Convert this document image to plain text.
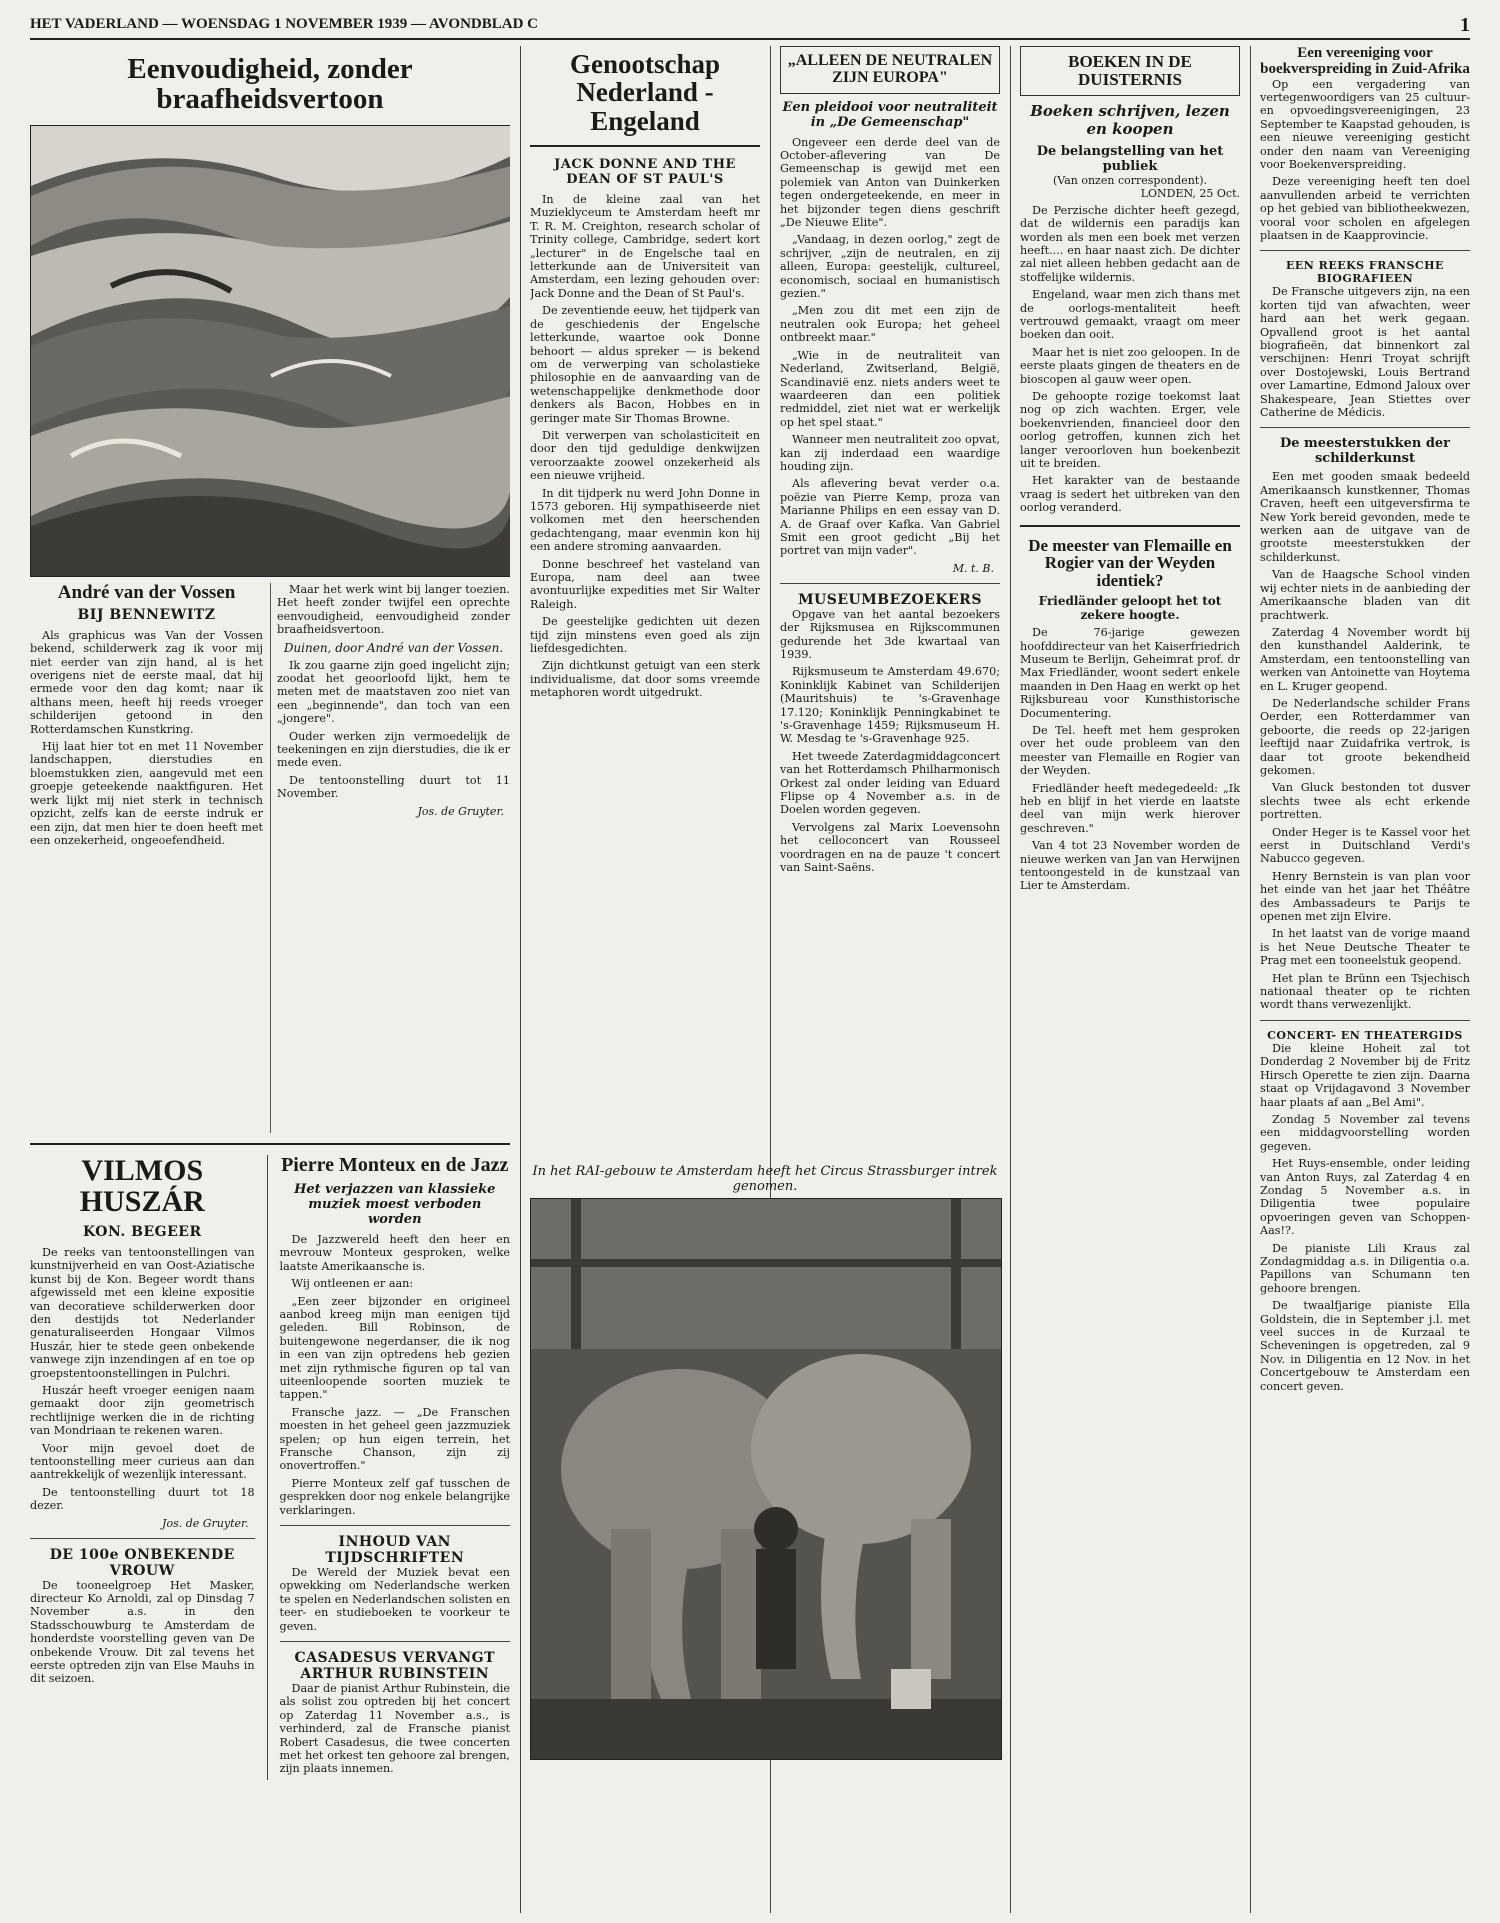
HET VADERLAND — WOENSDAG 1 NOVEMBER 1939 — AVONDBLAD C	1
Eenvoudigheid, zonder braafheidsvertoon
André van der Vossen
BIJ BENNEWITZ

Als graphicus was Van der Vossen bekend, schilderwerk zag ik voor mij niet eerder van zijn hand, al is het overigens niet de eerste maal, dat hij ermede voor den dag komt; naar ik althans meen, heeft hij reeds vroeger schilderijen getoond in den Rotterdamschen Kunstkring.

Hij laat hier tot en met 11 November landschappen, dierstudies en bloemstukken zien, aangevuld met een groepje geteekende naaktfiguren. Het werk lijkt mij niet sterk in technisch opzicht, zelfs kan de eerste indruk er een zijn, dat men hier te doen heeft met een onzekerheid, ongeoefendheid.

Maar het werk wint bij langer toezien. Het heeft zonder twijfel een oprechte eenvoudigheid, eenvoudigheid zonder braafheidsvertoon.

Duinen, door André van der Vossen.

Ik zou gaarne zijn goed ingelicht zijn; zoodat het geoorloofd lijkt, hem te meten met de maatstaven zoo niet van een „beginnende", dan toch van een „jongere".

Ouder werken zijn vermoedelijk de teekeningen en zijn dierstudies, die ik er mede even.

De tentoonstelling duurt tot 11 November.

Jos. de Gruyter.
VILMOS HUSZÁR
KON. BEGEER

De reeks van tentoonstellingen van kunstnijverheid en van Oost-Aziatische kunst bij de Kon. Begeer wordt thans afgewisseld met een kleine expositie van decoratieve schilderwerken door den destijds tot Nederlander genaturaliseerden Hongaar Vilmos Huszár, hier te stede geen onbekende vanwege zijn inzendingen af en toe op groepstentoonstellingen in Pulchri.

Huszár heeft vroeger eenigen naam gemaakt door zijn geometrisch rechtlijnige werken die in de richting van Mondriaan te rekenen waren.

Voor mijn gevoel doet de tentoonstelling meer curieus aan dan aantrekkelijk of wezenlijk interessant.

De tentoonstelling duurt tot 18 dezer.

Jos. de Gruyter.
DE 100e ONBEKENDE VROUW

De tooneelgroep Het Masker, directeur Ko Arnoldi, zal op Dinsdag 7 November a.s. in den Stadsschouwburg te Amsterdam de honderdste voorstelling geven van De onbekende Vrouw. Dit zal tevens het eerste optreden zijn van Else Mauhs in dit seizoen.

Pierre Monteux en de Jazz
Het verjazzen van klassieke muziek moest verboden worden

De Jazzwereld heeft den heer en mevrouw Monteux gesproken, welke laatste Amerikaansche is.

Wij ontleenen er aan:

„Een zeer bijzonder en origineel aanbod kreeg mijn man eenigen tijd geleden. Bill Robinson, de buitengewone negerdanser, die ik nog in een van zijn optredens heb gezien met zijn rythmische figuren op tal van uiteenloopende soorten muziek te tappen."

Fransche jazz. — „De Franschen moesten in het geheel geen jazzmuziek spelen; op hun eigen terrein, het Fransche Chanson, zijn zij onovertroffen."

Pierre Monteux zelf gaf tusschen de gesprekken door nog enkele belangrijke verklaringen.

INHOUD VAN TIJDSCHRIFTEN

De Wereld der Muziek bevat een opwekking om Nederlandsche werken te spelen en Nederlandschen solisten en teer- en studieboeken te voorkeur te geven.

CASADESUS VERVANGT ARTHUR RUBINSTEIN

Daar de pianist Arthur Rubinstein, die als solist zou optreden bij het concert op Zaterdag 11 November a.s., is verhinderd, zal de Fransche pianist Robert Casadesus, die twee concerten met het orkest ten gehoore zal brengen, zijn plaats innemen.

Genootschap Nederland - Engeland
JACK DONNE AND THE DEAN OF ST PAUL'S

In de kleine zaal van het Muzieklyceum te Amsterdam heeft mr T. R. M. Creighton, research scholar of Trinity college, Cambridge, sedert kort „lecturer" in de Engelsche taal en letterkunde aan de Universiteit van Amsterdam, een lezing gehouden over: Jack Donne and the Dean of St Paul's.

De zeventiende eeuw, het tijdperk van de geschiedenis der Engelsche letterkunde, waartoe ook Donne behoort — aldus spreker — is bekend om de verwerping van scholastieke philosophie en de aanvaarding van de wetenschappelijke denkmethode door denkers als Bacon, Hobbes en in geringer mate Sir Thomas Browne.

Dit verwerpen van scholasticiteit en door den tijd geduldige denkwijzen veroorzaakte zoowel onzekerheid als een nieuwe vrijheid.

In dit tijdperk nu werd John Donne in 1573 geboren. Hij sympathiseerde niet volkomen met den heerschenden gedachtengang, maar evenmin kon hij een andere stroming aanvaarden.

Donne beschreef het vasteland van Europa, nam deel aan twee avontuurlijke expedities met Sir Walter Raleigh.

De geestelijke gedichten uit dezen tijd zijn minstens even goed als zijn liefdesgedichten.

Zijn dichtkunst getuigt van een sterk individualisme, dat door soms vreemde metaphoren wordt uitgedrukt.

„ALLEEN DE NEUTRALEN ZIJN EUROPA"
Een pleidooi voor neutraliteit in „De Gemeenschap"

Ongeveer een derde deel van de October-aflevering van De Gemeenschap is gewijd met een polemiek van Anton van Duinkerken tegen ondergeteekende, en meer in het bijzonder tegen diens geschrift „De Nieuwe Elite".

„Vandaag, in dezen oorlog," zegt de schrijver, „zijn de neutralen, en zij alleen, Europa: geestelijk, cultureel, economisch, sociaal en humanistisch gezien."

„Men zou dit met een zijn de neutralen ook Europa; het geheel ontbreekt maar."

„Wie in de neutraliteit van Nederland, Zwitserland, België, Scandinavië enz. niets anders weet te waardeeren dan een politiek redmiddel, ziet niet wat er werkelijk op het spel staat."

Wanneer men neutraliteit zoo opvat, kan zij inderdaad een waardige houding zijn.

Als aflevering bevat verder o.a. poëzie van Pierre Kemp, proza van Marianne Philips en een essay van D. A. de Graaf over Kafka. Van Gabriel Smit een groot gedicht „Bij het portret van mijn vader".

M. t. B.
MUSEUMBEZOEKERS

Opgave van het aantal bezoekers der Rijksmusea en Rijkscommunen gedurende het 3de kwartaal van 1939.

Rijksmuseum te Amsterdam 49.670; Koninklijk Kabinet van Schilderijen (Mauritshuis) te 's-Gravenhage 17.120; Koninklijk Penningkabinet te 's-Gravenhage 1459; Rijksmuseum H. W. Mesdag te 's-Gravenhage 925.

Het tweede Zaterdagmiddagconcert van het Rotterdamsch Philharmonisch Orkest zal onder leiding van Eduard Flipse op 4 November a.s. in de Doelen worden gegeven.

Vervolgens zal Marix Loevensohn het celloconcert van Rousseel voordragen en na de pauze 't concert van Saint-Saëns.

In het RAI-gebouw te Amsterdam heeft het Circus Strassburger intrek genomen.
BOEKEN IN DE DUISTERNIS
Boeken schrijven, lezen en koopen
De belangstelling van het publiek
(Van onzen correspondent).
LONDEN, 25 Oct.

De Perzische dichter heeft gezegd, dat de wildernis een paradijs kan worden als men een boek met verzen heeft.... en haar naast zich. De dichter zal niet alleen hebben gedacht aan de stoffelijke wildernis.

Engeland, waar men zich thans met de oorlogs-mentaliteit heeft vertrouwd gemaakt, vraagt om meer boeken dan ooit.

Maar het is niet zoo geloopen. In de eerste plaats gingen de theaters en de bioscopen al gauw weer open.

De gehoopte rozige toekomst laat nog op zich wachten. Erger, vele boekenvrienden, financieel door den oorlog getroffen, kunnen zich het langer veroorloven hun boekenbezit uit te breiden.

Het karakter van de bestaande vraag is sedert het uitbreken van den oorlog veranderd.

De meester van Flemaille en Rogier van der Weyden identiek?
Friedländer geloopt het tot zekere hoogte.

De 76-jarige gewezen hoofddirecteur van het Kaiserfriedrich Museum te Berlijn, Geheimrat prof. dr Max Friedländer, woont sedert enkele maanden in Den Haag en werkt op het Rijksbureau voor Kunsthistorische Documentering.

De Tel. heeft met hem gesproken over het oude probleem van den meester van Flemaille en Rogier van der Weyden.

Friedländer heeft medegedeeld: „Ik heb en blijf in het vierde en laatste deel van mijn werk hierover geschreven."

Van 4 tot 23 November worden de nieuwe werken van Jan van Herwijnen tentoongesteld in de kunstzaal van Lier te Amsterdam.

Een vereeniging voor boekverspreiding in Zuid-Afrika

Op een vergadering van vertegenwoordigers van 25 cultuur- en opvoedingsvereenigingen, 23 September te Kaapstad gehouden, is een nieuwe vereeniging gesticht onder den naam van Vereeniging voor Boekenverspreiding.

Deze vereeniging heeft ten doel aanvullenden arbeid te verrichten op het gebied van bibliotheekwezen, vooral voor scholen en afgelegen plaatsen in de Kaapprovincie.

EEN REEKS FRANSCHE BIOGRAFIEEN

De Fransche uitgevers zijn, na een korten tijd van afwachten, weer hard aan het werk gegaan. Opvallend groot is het aantal biografieën, dat binnenkort zal verschijnen: Henri Troyat schrijft over Dostojewski, Louis Bertrand over Lamartine, Edmond Jaloux over Shakespeare, Jean Stiettes over Catherine de Médicis.

De meesterstukken der schilderkunst

Een met gooden smaak bedeeld Amerikaansch kunstkenner, Thomas Craven, heeft een uitgeversfirma te New York bereid gevonden, mede te werken aan de uitgave van de grootste meesterstukken der schilderkunst.

Van de Haagsche School vinden wij echter niets in de aanbieding der Amerikaansche bladen van dit prachtwerk.

Zaterdag 4 November wordt bij den kunsthandel Aalderink, te Amsterdam, een tentoonstelling van werken van Antoinette van Hoytema en L. Kruger geopend.

De Nederlandsche schilder Frans Oerder, een Rotterdammer van geboorte, die reeds op 22-jarigen leeftijd naar Zuidafrika vertrok, is daar tot groote bekendheid gekomen.

Van Gluck bestonden tot dusver slechts twee als echt erkende portretten.

Onder Heger is te Kassel voor het eerst in Duitschland Verdi's Nabucco gegeven.

Henry Bernstein is van plan voor het einde van het jaar het Théâtre des Ambassadeurs te Parijs te openen met zijn Elvire.

In het laatst van de vorige maand is het Neue Deutsche Theater te Prag met een tooneelstuk geopend.

Het plan te Brünn een Tsjechisch nationaal theater op te richten wordt thans verwezenlijkt.

CONCERT- EN THEATERGIDS

Die kleine Hoheit zal tot Donderdag 2 November bij de Fritz Hirsch Operette te zien zijn. Daarna staat op Vrijdagavond 3 November haar plaats af aan „Bel Ami".

Zondag 5 November zal tevens een middagvoorstelling worden gegeven.

Het Ruys-ensemble, onder leiding van Anton Ruys, zal Zaterdag 4 en Zondag 5 November a.s. in Diligentia twee populaire opvoeringen geven van Schoppen-Aas!?.

De pianiste Lili Kraus zal Zondagmiddag a.s. in Diligentia o.a. Papillons van Schumann ten gehoore brengen.

De twaalfjarige pianiste Ella Goldstein, die in September j.l. met veel succes in de Kurzaal te Scheveningen is opgetreden, zal 9 Nov. in Diligentia en 12 Nov. in het Concertgebouw te Amsterdam een concert geven.
